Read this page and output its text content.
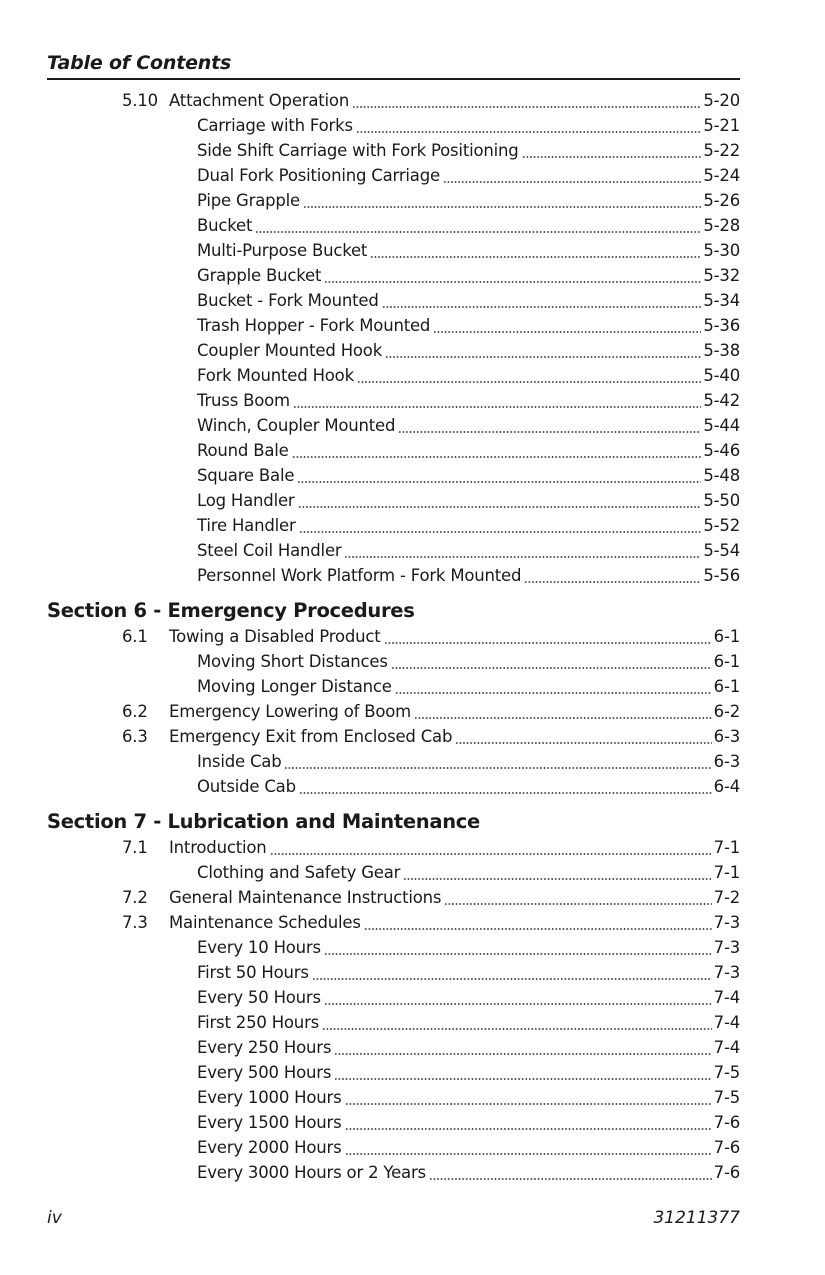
Table of Contents
5.10 Attachment Operation	5-20
Carriage with Forks	5-21
Side Shift Carriage with Fork Positioning	5-22
Dual Fork Positioning Carriage	5-24
Pipe Grapple	5-26
Bucket	5-28
Multi-Purpose Bucket	5-30
Grapple Bucket	5-32
Bucket - Fork Mounted	5-34
Trash Hopper - Fork Mounted	5-36
Coupler Mounted Hook	5-38
Fork Mounted Hook	5-40
Truss Boom	5-42
Winch, Coupler Mounted	5-44
Round Bale	5-46
Square Bale	5-48
Log Handler	5-50
Tire Handler	5-52
Steel Coil Handler	5-54
Personnel Work Platform - Fork Mounted	5-56
Section 6 - Emergency Procedures
6.1 Towing a Disabled Product	6-1
Moving Short Distances	6-1
Moving Longer Distance	6-1
6.2 Emergency Lowering of Boom	6-2
6.3 Emergency Exit from Enclosed Cab	6-3
Inside Cab	6-3
Outside Cab	6-4
Section 7 - Lubrication and Maintenance
7.1 Introduction	7-1
Clothing and Safety Gear	7-1
7.2 General Maintenance Instructions	7-2
7.3 Maintenance Schedules	7-3
Every 10 Hours	7-3
First 50 Hours	7-3
Every 50 Hours	7-4
First 250 Hours	7-4
Every 250 Hours	7-4
Every 500 Hours	7-5
Every 1000 Hours	7-5
Every 1500 Hours	7-6
Every 2000 Hours	7-6
Every 3000 Hours or 2 Years	7-6
iv	31211377
